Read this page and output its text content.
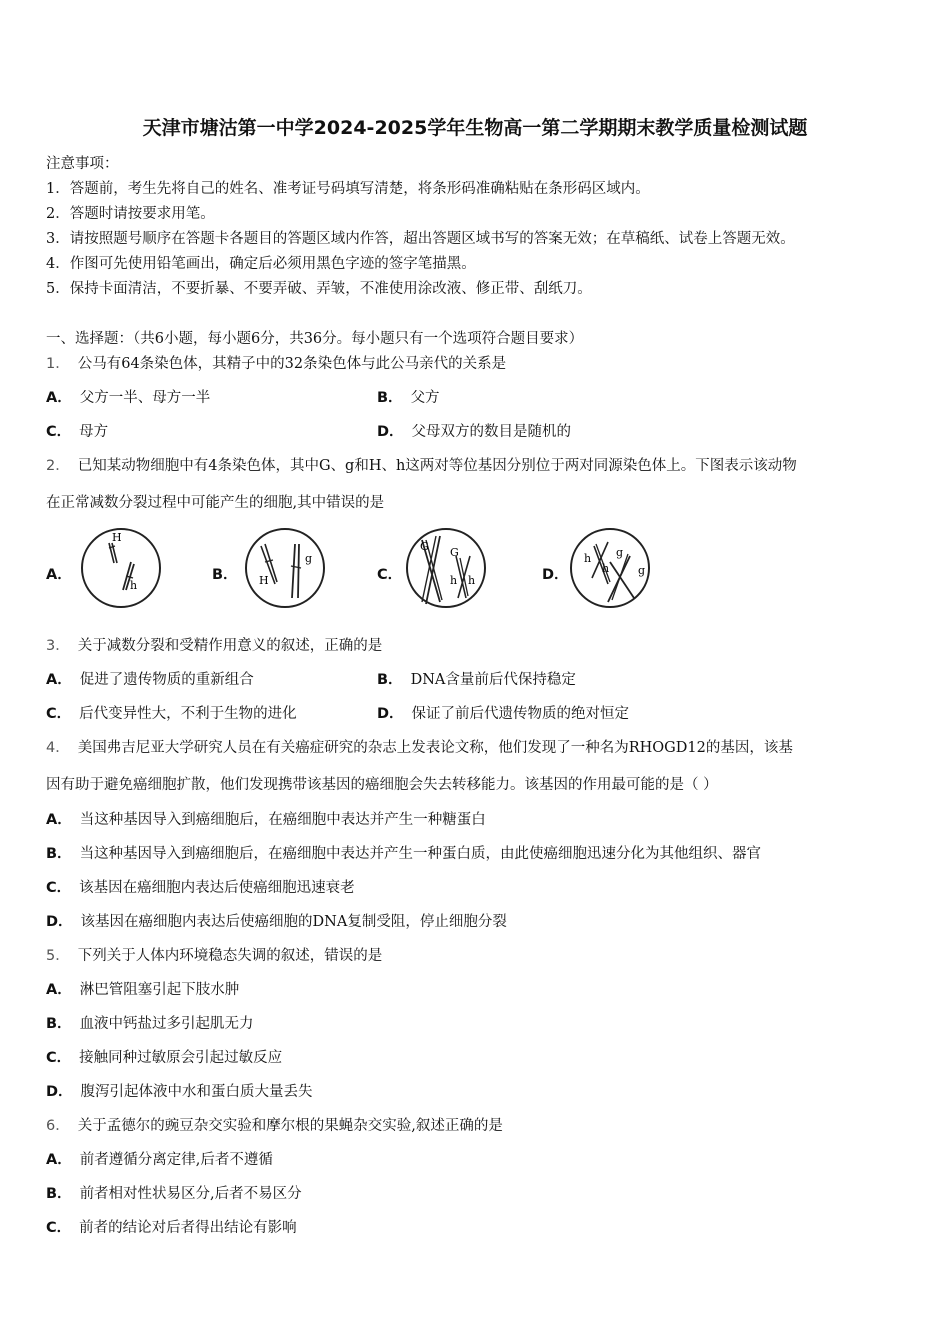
天津市塘沽第一中学2024-2025学年生物高一第二学期期末教学质量检测试题
注意事项：
1．答题前，考生先将自己的姓名、准考证号码填写清楚，将条形码准确粘贴在条形码区域内。
2．答题时请按要求用笔。
3．请按照题号顺序在答题卡各题目的答题区域内作答，超出答题区域书写的答案无效；在草稿纸、试卷上答题无效。
4．作图可先使用铅笔画出，确定后必须用黑色字迹的签字笔描黑。
5．保持卡面清洁，不要折暴、不要弄破、弄皱，不准使用涂改液、修正带、刮纸刀。
一、选择题：（共6小题，每小题6分，共36分。每小题只有一个选项符合题目要求）
1． 公马有64条染色体，其精子中的32条染色体与此公马亲代的关系是
A． 父方一半、母方一半	B． 父方
C． 母方	D． 父母双方的数目是随机的
2． 已知某动物细胞中有4条染色体，其中G、g和H、h这两对等位基因分别位于两对同源染色体上。下图表示该动物
在正常减数分裂过程中可能产生的细胞,其中错误的是
A．
H
h
B． H
g
C．
G G
h h	D．
h g
h	g
3． 关于减数分裂和受精作用意义的叙述，正确的是
A． 促进了遗传物质的重新组合	B． DNA含量前后代保持稳定
C． 后代变异性大，不利于生物的进化	D． 保证了前后代遗传物质的绝对恒定
4． 美国弗吉尼亚大学研究人员在有关癌症研究的杂志上发表论文称，他们发现了一种名为RHOGD12的基因，该基
因有助于避免癌细胞扩散，他们发现携带该基因的癌细胞会失去转移能力。该基因的作用最可能的是（ ）
A． 当这种基因导入到癌细胞后，在癌细胞中表达并产生一种糖蛋白
B． 当这种基因导入到癌细胞后，在癌细胞中表达并产生一种蛋白质，由此使癌细胞迅速分化为其他组织、器官
C． 该基因在癌细胞内表达后使癌细胞迅速衰老
D． 该基因在癌细胞内表达后使癌细胞的DNA复制受阻，停止细胞分裂
5． 下列关于人体内环境稳态失调的叙述，错误的是
A． 淋巴管阻塞引起下肢水肿
B． 血液中钙盐过多引起肌无力
C． 接触同种过敏原会引起过敏反应
D． 腹泻引起体液中水和蛋白质大量丢失
6． 关于孟德尔的豌豆杂交实验和摩尔根的果蝇杂交实验,叙述正确的是
A． 前者遵循分离定律,后者不遵循
B． 前者相对性状易区分,后者不易区分
C． 前者的结论对后者得出结论有影响
